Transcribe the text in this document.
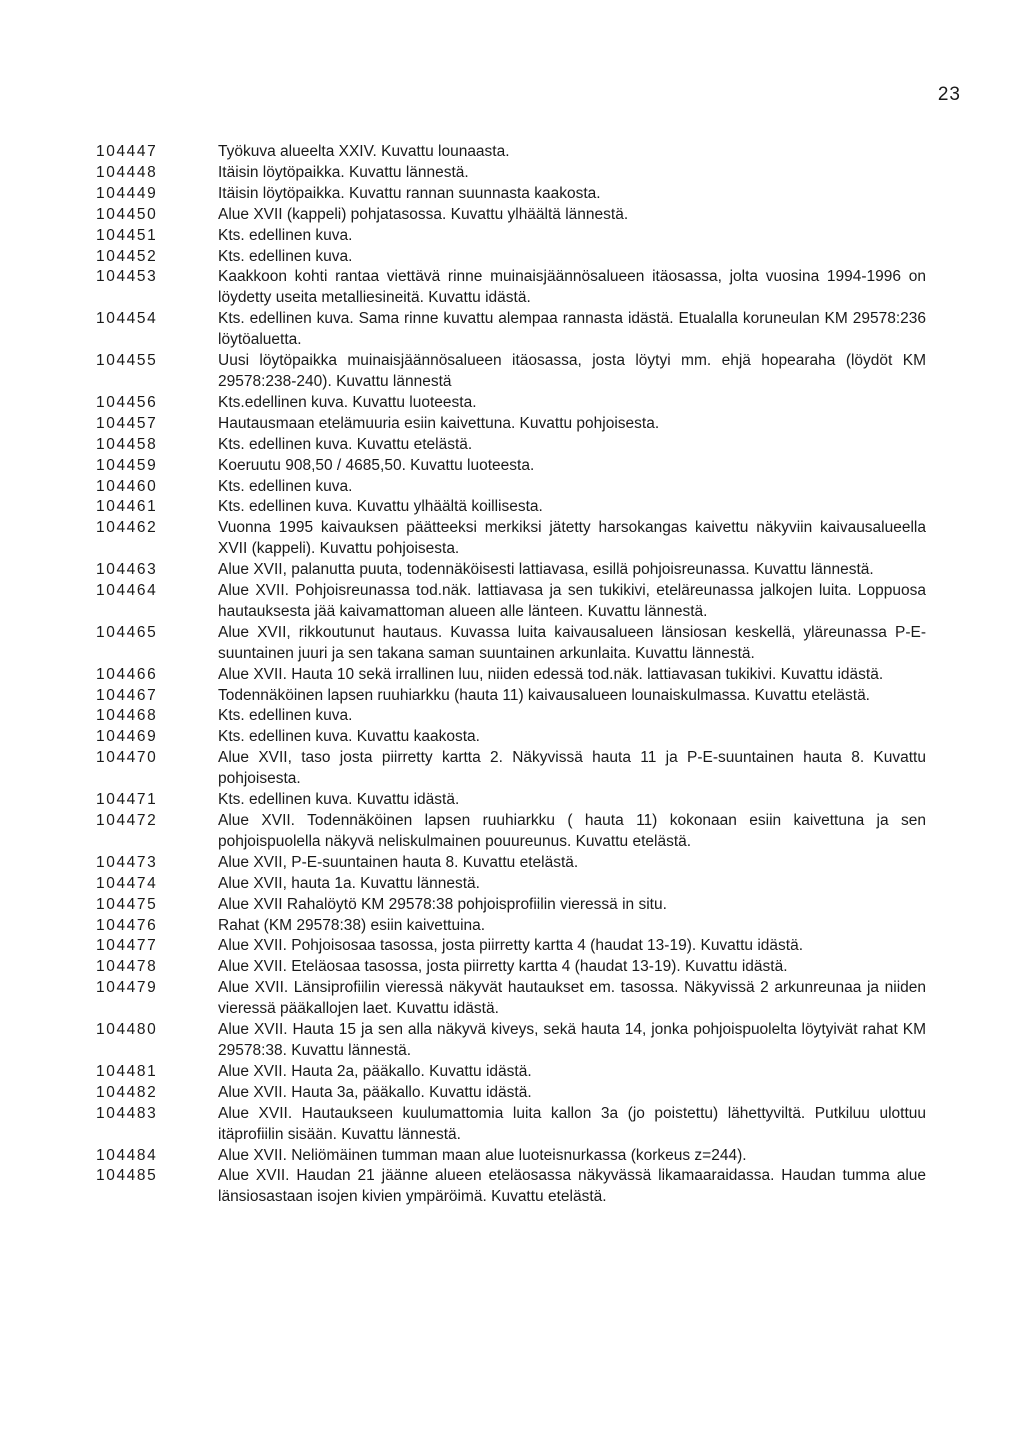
23
104447	Työkuva alueelta XXIV. Kuvattu lounaasta.
104448	Itäisin löytöpaikka. Kuvattu lännestä.
104449	Itäisin löytöpaikka. Kuvattu rannan suunnasta kaakosta.
104450	Alue XVII (kappeli) pohjatasossa. Kuvattu ylhäältä lännestä.
104451	Kts. edellinen kuva.
104452	Kts. edellinen kuva.
104453	Kaakkoon kohti rantaa viettävä rinne muinaisjäännösalueen itäosassa, jolta vuosina 1994-1996 on löydetty useita metalliesineitä. Kuvattu idästä.
104454	Kts. edellinen kuva. Sama rinne kuvattu alempaa rannasta idästä. Etualalla koruneulan KM 29578:236 löytöaluetta.
104455	Uusi löytöpaikka muinaisjäännösalueen itäosassa, josta löytyi mm. ehjä hopearaha (löydöt KM 29578:238-240). Kuvattu lännestä
104456	Kts.edellinen kuva. Kuvattu luoteesta.
104457	Hautausmaan etelämuuria esiin kaivettuna. Kuvattu pohjoisesta.
104458	Kts. edellinen kuva. Kuvattu etelästä.
104459	Koeruutu 908,50 / 4685,50. Kuvattu luoteesta.
104460	Kts. edellinen kuva.
104461	Kts. edellinen kuva. Kuvattu ylhäältä koillisesta.
104462	Vuonna 1995 kaivauksen päätteeksi merkiksi jätetty harsokangas kaivettu näkyviin kaivausalueella XVII (kappeli). Kuvattu pohjoisesta.
104463	Alue XVII, palanutta puuta, todennäköisesti lattiavasa, esillä pohjoisreunassa. Kuvattu lännestä.
104464	Alue XVII. Pohjoisreunassa tod.näk. lattiavasa ja sen tukikivi, eteläreunassa jalkojen luita. Loppuosa hautauksesta jää kaivamattoman alueen alle länteen. Kuvattu lännestä.
104465	Alue XVII, rikkoutunut hautaus. Kuvassa luita kaivausalueen länsiosan keskellä, yläreunassa P-E-suuntainen juuri ja sen takana saman suuntainen arkunlaita. Kuvattu lännestä.
104466	Alue XVII. Hauta 10 sekä irrallinen luu, niiden edessä tod.näk. lattiavasan tukikivi. Kuvattu idästä.
104467	Todennäköinen lapsen ruuhiarkku (hauta 11) kaivausalueen lounaiskulmassa. Kuvattu etelästä.
104468	Kts. edellinen kuva.
104469	Kts. edellinen kuva. Kuvattu kaakosta.
104470	Alue XVII, taso josta piirretty kartta 2. Näkyvissä hauta 11 ja P-E-suuntainen hauta 8. Kuvattu pohjoisesta.
104471	Kts. edellinen kuva. Kuvattu idästä.
104472	Alue XVII. Todennäköinen lapsen ruuhiarkku ( hauta 11) kokonaan esiin kaivettuna ja sen pohjoispuolella näkyvä neliskulmainen pouureunus. Kuvattu etelästä.
104473	Alue XVII, P-E-suuntainen hauta 8. Kuvattu etelästä.
104474	Alue XVII, hauta 1a. Kuvattu lännestä.
104475	Alue XVII Rahalöytö KM 29578:38 pohjoisprofiilin vieressä in situ.
104476	Rahat (KM 29578:38) esiin kaivettuina.
104477	Alue XVII. Pohjoisosaa tasossa, josta piirretty kartta 4 (haudat 13-19). Kuvattu idästä.
104478	Alue XVII. Eteläosaa tasossa, josta piirretty kartta 4 (haudat 13-19). Kuvattu idästä.
104479	Alue XVII. Länsiprofiilin vieressä näkyvät hautaukset em. tasossa. Näkyvissä 2 arkunreunaa ja niiden vieressä pääkallojen laet. Kuvattu idästä.
104480	Alue XVII. Hauta 15 ja sen alla näkyvä kiveys, sekä hauta 14, jonka pohjoispuolelta löytyivät rahat KM 29578:38. Kuvattu lännestä.
104481	Alue XVII. Hauta 2a, pääkallo. Kuvattu idästä.
104482	Alue XVII. Hauta 3a, pääkallo. Kuvattu idästä.
104483	Alue XVII. Hautaukseen kuulumattomia luita kallon 3a (jo poistettu) lähettyviltä. Putkiluu ulottuu itäprofiilin sisään. Kuvattu lännestä.
104484	Alue XVII. Neliömäinen tumman maan alue luoteisnurkassa (korkeus z=244).
104485	Alue XVII. Haudan 21 jäänne alueen eteläosassa näkyvässä likamaaraidassa. Haudan tumma alue länsiosastaan isojen kivien ympäröimä. Kuvattu etelästä.
